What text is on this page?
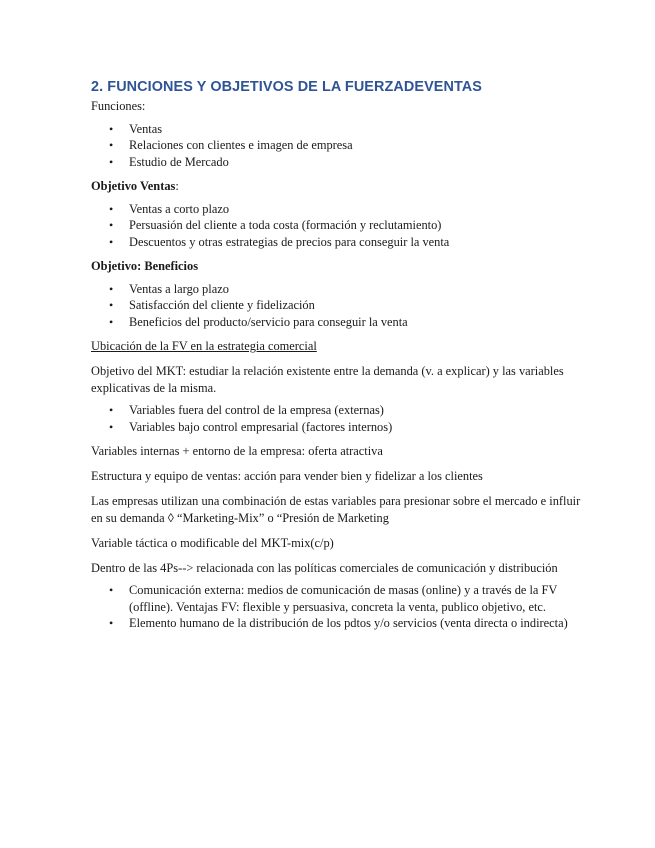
2. FUNCIONES Y OBJETIVOS DE LA FUERZADEVENTAS

Funciones:

• Ventas
• Relaciones con clientes e imagen de empresa
• Estudio de Mercado

Objetivo Ventas:

• Ventas a corto plazo
• Persuasión del cliente a toda costa (formación y reclutamiento)
• Descuentos y otras estrategias de precios para conseguir la venta

Objetivo: Beneficios

• Ventas a largo plazo
• Satisfacción del cliente y fidelización
• Beneficios del producto/servicio para conseguir la venta

Ubicación de la FV en la estrategia comercial

Objetivo del MKT: estudiar la relación existente entre la demanda (v. a explicar) y las variables explicativas de la misma.

• Variables fuera del control de la empresa (externas)
• Variables bajo control empresarial (factores internos)

Variables internas + entorno de la empresa: oferta atractiva

Estructura y equipo de ventas: acción para vender bien y fidelizar a los clientes

Las empresas utilizan una combinación de estas variables para presionar sobre el mercado e influir en su demanda ◊ “Marketing-Mix” o “Presión de Marketing

Variable táctica o modificable del MKT-mix(c/p)

Dentro de las 4Ps--> relacionada con las políticas comerciales de comunicación y distribución

• Comunicación externa: medios de comunicación de masas (online) y a través de la FV (offline). Ventajas FV: flexible y persuasiva, concreta la venta, publico objetivo, etc.
• Elemento humano de la distribución de los pdtos y/o servicios (venta directa o indirecta)
